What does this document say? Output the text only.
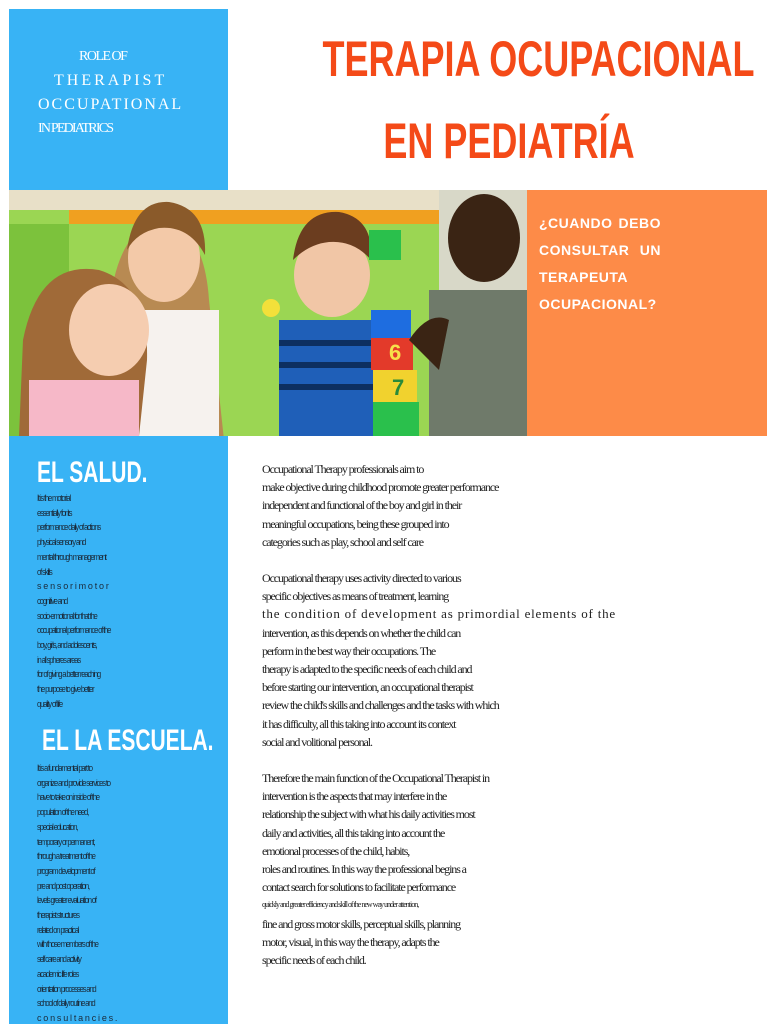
ROLE OF
THERAPIST
OCCUPATIONAL
IN PEDIATRICS
TERAPIA OCUPACIONAL
EN PEDIATRÍA
6
7
¿CUANDO DEBO CONSULTAR UN TERAPEUTA OCUPACIONAL?
EL SALUD.
It is the motorial
essentially for its
performance daily of actions
physical sensory and
mental through management
of skills
sensorimotor
cognitive and
socio-emotional for that the
occupational performance of the
boy, girls, and adolescents,
in all spheres areas
for of giving a better reaching
the purpose to give better
quality of life
EL LA ESCUELA.
It is a fundamental part to
organize and provide services to
have to take on inside of the
population of the need,
special education,
temporary or permanent,
through a treatment of the
program development of
pre and post operation,
levels greater evaluation of
therapist structures
related on practical
with those members of the
self care and activity
academic life roles
orientation processes and
school of daily routine and
consultancies.
Occupational Therapy professionals aim to
make objective during childhood promote greater performance
independent and functional of the boy and girl in their
meaningful occupations, being these grouped into
categories such as play, school and self care
Occupational therapy uses activity directed to various
specific objectives as means of treatment, learning
the condition of development as primordial elements of the
intervention, as this depends on whether the child can
perform in the best way their occupations. The
therapy is adapted to the specific needs of each child and
before starting our intervention, an occupational therapist
review the child's skills and challenges and the tasks with which
it has difficulty, all this taking into account its context
social and volitional personal.
Therefore the main function of the Occupational Therapist in
intervention is the aspects that may interfere in the
relationship the subject with what his daily activities most
daily and activities, all this taking into account the
emotional processes of the child, habits,
roles and routines. In this way the professional begins a
contact search for solutions to facilitate performance
quickly and greater efficiency and skill of the new way under attention,
fine and gross motor skills, perceptual skills, planning
motor, visual, in this way the therapy, adapts the
specific needs of each child.
